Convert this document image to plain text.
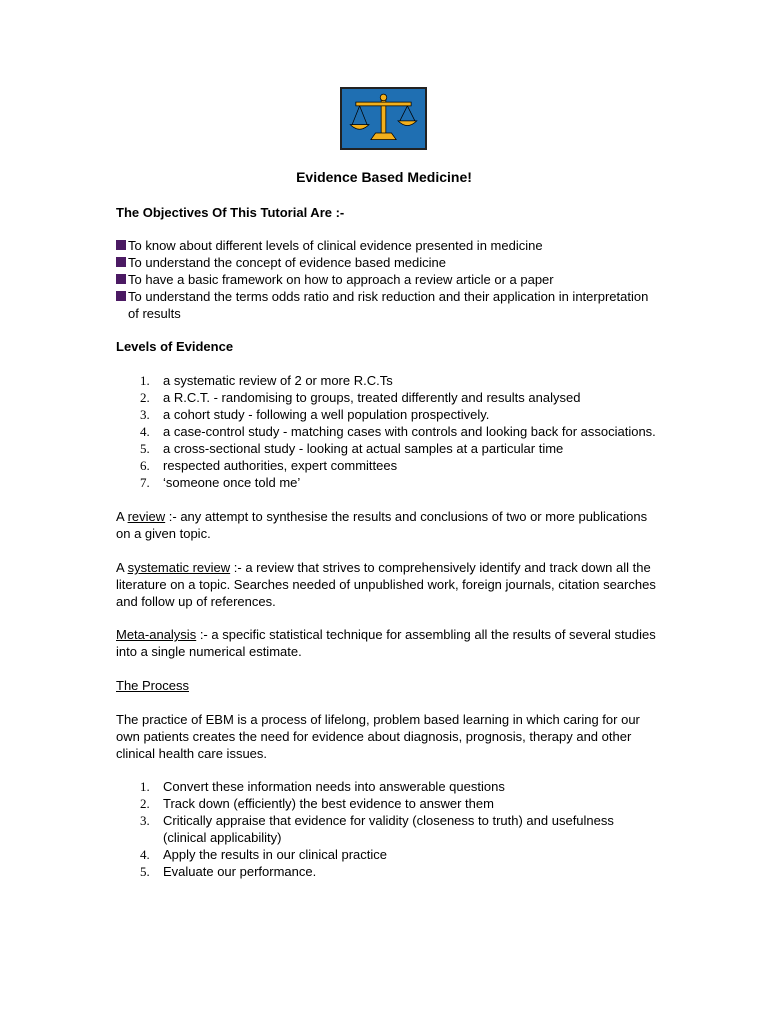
Evidence Based Medicine!
The Objectives Of This Tutorial Are :-
To know about different levels of clinical evidence presented in medicine
To understand the concept of evidence based medicine
To have a basic framework on how to approach a review article or a paper
To understand the terms odds ratio and risk reduction and their application in interpretation of results
Levels of Evidence
1. a systematic review of 2 or more R.C.Ts
2. a R.C.T. - randomising to groups, treated differently and results analysed
3. a cohort study - following a well population prospectively.
4. a case-control study - matching cases with controls and looking back for associations.
5. a cross-sectional study - looking at actual samples at a particular time
6. respected authorities, expert committees
7. ‘someone once told me’

A review :- any attempt to synthesise the results and conclusions of two or more publications on a given topic.

A systematic review :- a review that strives to comprehensively identify and track down all the literature on a topic. Searches needed of unpublished work, foreign journals, citation searches and follow up of references.

Meta-analysis :- a specific statistical technique for assembling all the results of several studies into a single numerical estimate.

The Process

The practice of EBM is a process of lifelong, problem based learning in which caring for our own patients creates the need for evidence about diagnosis, prognosis, therapy and other clinical health care issues.

1. Convert these information needs into answerable questions
2. Track down (efficiently) the best evidence to answer them
3. Critically appraise that evidence for validity (closeness to truth) and usefulness (clinical applicability)
4. Apply the results in our clinical practice
5. Evaluate our performance.
